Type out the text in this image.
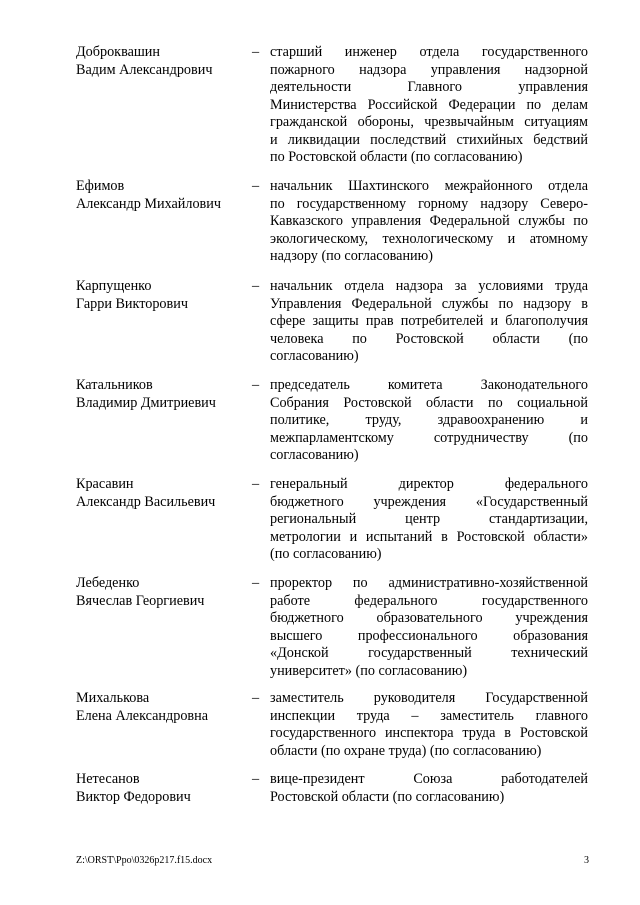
Доброквашин
Вадим Александрович
– старший инженер отдела государственного
пожарного надзора управления надзорной
деятельности Главного управления
Министерства Российской Федерации по делам
гражданской обороны, чрезвычайным ситуациям
и ликвидации последствий стихийных бедствий
по Ростовской области (по согласованию)
Ефимов
Александр Михайлович
– начальник Шахтинского межрайонного отдела
по государственному горному надзору Северо-
Кавказского управления Федеральной службы по
экологическому, технологическому и атомному
надзору (по согласованию)
Карпущенко
Гарри Викторович
– начальник отдела надзора за условиями труда
Управления Федеральной службы по надзору в
сфере защиты прав потребителей и благополучия
человека по Ростовской области (по
согласованию)
Катальников
Владимир Дмитриевич
– председатель комитета Законодательного
Собрания Ростовской области по социальной
политике, труду, здравоохранению и
межпарламентскому сотрудничеству (по
согласованию)
Красавин
Александр Васильевич
– генеральный директор федерального
бюджетного учреждения «Государственный
региональный центр стандартизации,
метрологии и испытаний в Ростовской области»
(по согласованию)
Лебеденко
Вячеслав Георгиевич
– проректор по административно-хозяйственной
работе федерального государственного
бюджетного образовательного учреждения
высшего профессионального образования
«Донской государственный технический
университет» (по согласованию)
Михалькова
Елена Александровна
– заместитель руководителя Государственной
инспекции труда – заместитель главного
государственного инспектора труда в Ростовской
области (по охране труда) (по согласованию)
Нетесанов
Виктор Федорович
– вице-президент Союза работодателей
Ростовской области (по согласованию)
Z:\ORST\Ppo\0326p217.f15.docx	3
